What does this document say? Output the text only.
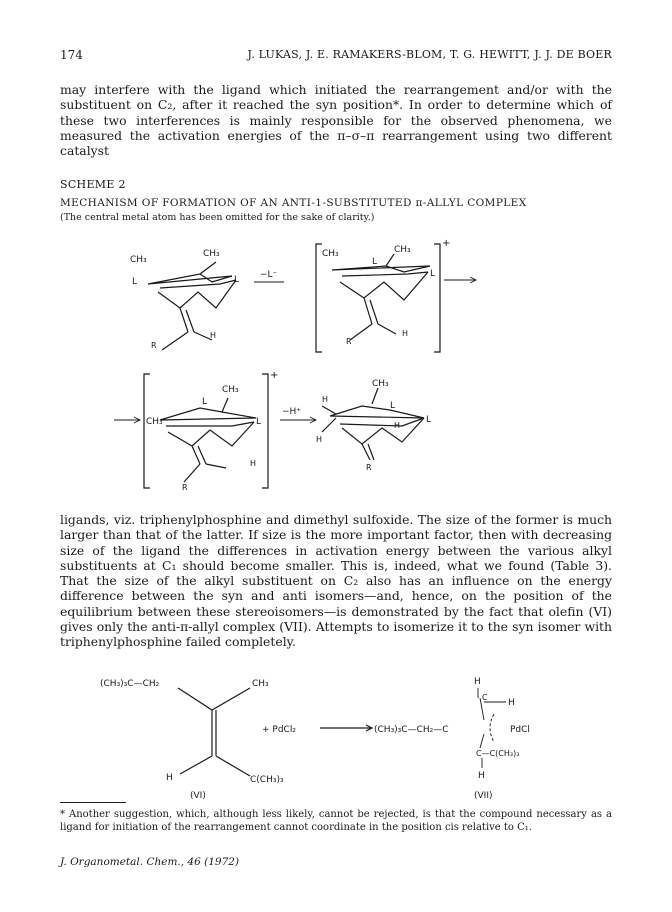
174	J. LUKAS, J. E. RAMAKERS-BLOM, T. G. HEWITT, J. J. DE BOER
may interfere with the ligand which initiated the rearrangement and/or with the substituent on C₂, after it reached the syn position*. In order to determine which of these two interferences is mainly responsible for the observed phenomena, we measured the activation energies of the π–σ–π rearrangement using two different catalyst
SCHEME 2
MECHANISM OF FORMATION OF AN ANTI-1-SUBSTITUTED π-ALLYL COMPLEX
(The central metal atom has been omitted for the sake of clarity.)
CH₃
CH₃
L	L
R
H
−L⁻
CH₃	CH₃
L
L
R
H
+
CH₃
CH₃
L
L
R
H
+
−H⁺
CH₃
L
L
H
H
H
R
ligands, viz. triphenylphosphine and dimethyl sulfoxide. The size of the former is much larger than that of the latter. If size is the more important factor, then with decreasing size of the ligand the differences in activation energy between the various alkyl substituents at C₁ should become smaller. This is, indeed, what we found (Table 3). That the size of the alkyl substituent on C₂ also has an influence on the energy difference between the syn and anti isomers—and, hence, on the position of the equilibrium between these stereoisomers—is demonstrated by the fact that olefin (VI) gives only the anti-π-allyl complex (VII). Attempts to isomerize it to the syn isomer with triphenylphosphine failed completely.
(CH₃)₃C—CH₂	CH₃
H	C(CH₃)₃
(VI)
+ PdCl₂	(CH₃)₃C—CH₂—C
H
C
H
PdCl
C—C(CH₃)₃
H
(VII)
* Another suggestion, which, although less likely, cannot be rejected, is that the compound necessary as a ligand for initiation of the rearrangement cannot coordinate in the position cis relative to C₁.
J. Organometal. Chem., 46 (1972)
